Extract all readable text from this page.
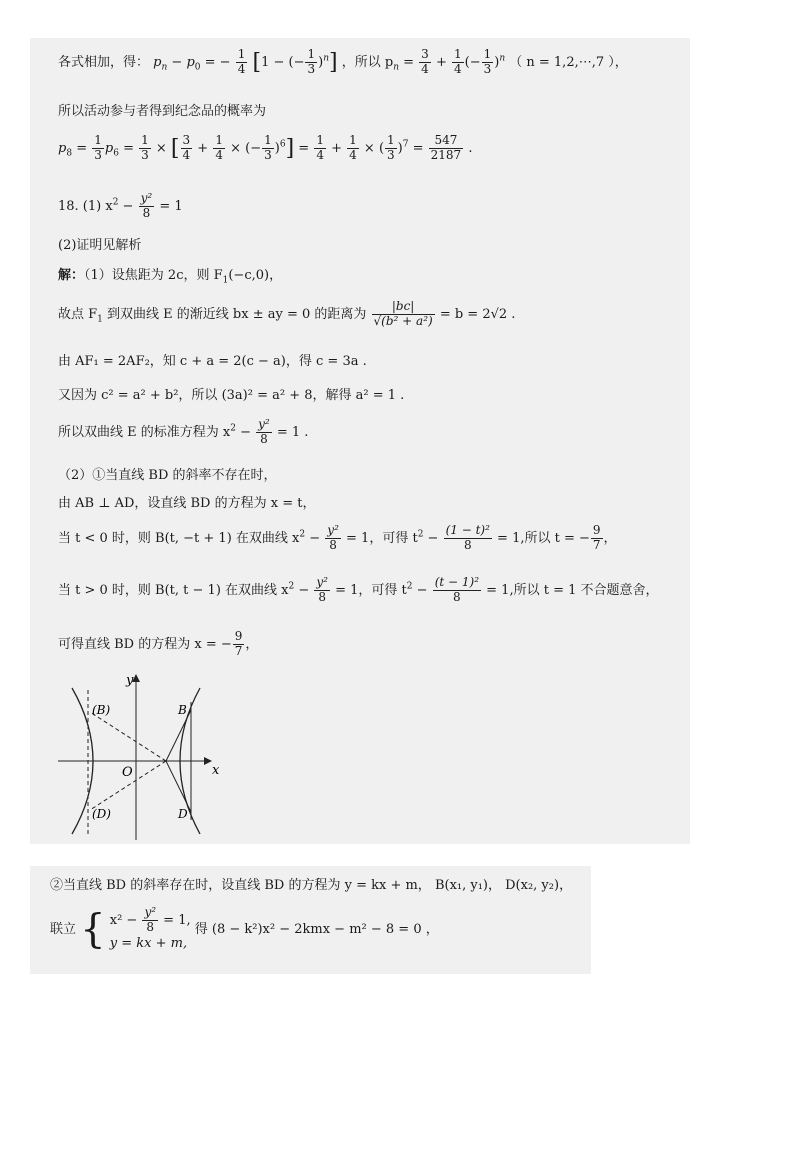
各式相加，得： $p_n - p_0$ = − $\frac{1}{4} [1$ − (− $\frac{1}{3} )^n$] ，所以 $p_n = \frac{3}{4} + \frac{1}{4}$ (− $\frac{1}{3} )^n$ （ n = 1,2,⋯,7 ），
所以活动参与者得到纪念品的概率为
$p_8 = \frac{1}{3} p_6 = \frac{1}{3}$ × [ $\frac{3}{4} + \frac{1}{4}$ × (− $\frac{1}{3} )^6] = \frac{1}{4} + \frac{1}{4}$ × ( $\frac{1}{3} )^7 = \frac{547}{2187}$ .
18. (1) $x^2 - \frac{\text{y²}}{8} = 1$
(2)证明见解析
解：（1）设焦距为 2c，则 $F_1(-c,0)$，
故点 $F_1$ 到双曲线 E 的渐近线 bx ± ay = 0 的距离为 $\frac{|bc|}{\text{√(b² + a²)}} = b = 2√2$ .
由 AF₁ = 2AF₂，知 c + a = 2(c − a)，得 c = 3a .
又因为 c² = a² + b²，所以 (3a)² = a² + 8，解得 a² = 1 .
所以双曲线 E 的标准方程为 $x^2 - \frac{\text{y²}}{8} = 1$ .
（2）①当直线 BD 的斜率不存在时，
由 AB ⊥ AD，设直线 BD 的方程为 x = t，
当 t < 0 时，则 B(t, −t + 1) 在双曲线 $x^2 - \frac{\text{y²}}{8} = 1$，可得 $t^2 - \frac{\text{(1 − t)²}}{8} = 1$,所以 t = − $\frac{9}{7}$ ，
当 t > 0 时，则 B(t, t − 1) 在双曲线 $x^2 - \frac{\text{y²}}{8} = 1$，可得 $t^2 - \frac{\text{(t − 1)²}}{8} = 1$,所以 t = 1 不合题意舍，
可得直线 BD 的方程为 x = − $\frac{9}{7}$ ，
y
x
O
(B)
(D)
B
D
②当直线 BD 的斜率存在时，设直线 BD 的方程为 y = kx + m， B(x₁, y₁)， D(x₂, y₂)，
联立 { $x^2 - \frac{\text{y²}}{8} = 1$,
y = kx + m,
得 (8 − k²)x² − 2kmx − m² − 8 = 0 ，
